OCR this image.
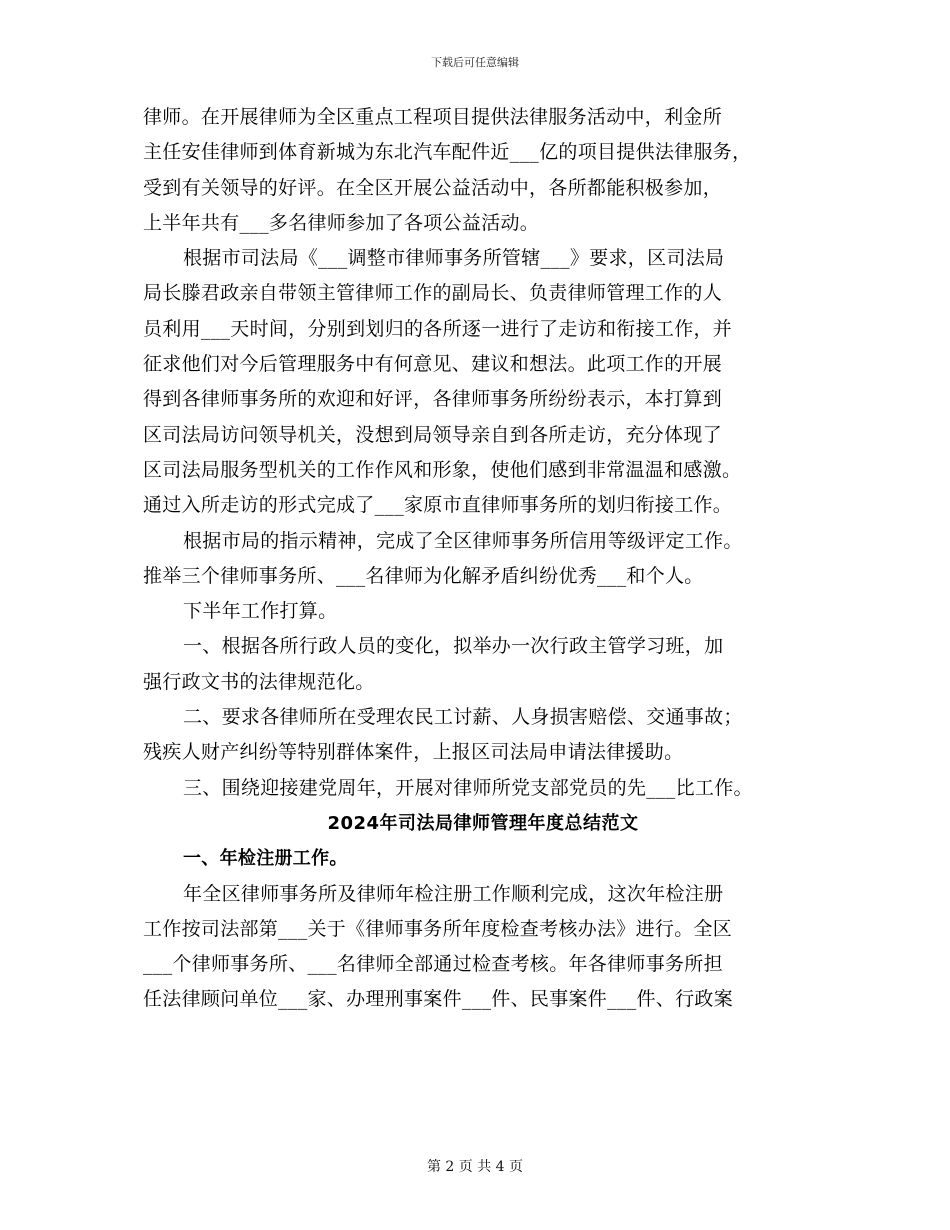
下载后可任意编辑
律师。在开展律师为全区重点工程项目提供法律服务活动中，利金所
主任安佳律师到体育新城为东北汽车配件近___亿的项目提供法律服务，
受到有关领导的好评。在全区开展公益活动中，各所都能积极参加，
上半年共有___多名律师参加了各项公益活动。
根据市司法局《___调整市律师事务所管辖___》要求，区司法局
局长滕君政亲自带领主管律师工作的副局长、负责律师管理工作的人
员利用___天时间，分别到划归的各所逐一进行了走访和衔接工作，并
征求他们对今后管理服务中有何意见、建议和想法。此项工作的开展
得到各律师事务所的欢迎和好评，各律师事务所纷纷表示，本打算到
区司法局访问领导机关，没想到局领导亲自到各所走访，充分体现了
区司法局服务型机关的工作作风和形象，使他们感到非常温温和感激。
通过入所走访的形式完成了___家原市直律师事务所的划归衔接工作。
根据市局的指示精神，完成了全区律师事务所信用等级评定工作。
推举三个律师事务所、___名律师为化解矛盾纠纷优秀___和个人。
下半年工作打算。
一、根据各所行政人员的变化，拟举办一次行政主管学习班，加
强行政文书的法律规范化。
二、要求各律师所在受理农民工讨薪、人身损害赔偿、交通事故；
残疾人财产纠纷等特别群体案件，上报区司法局申请法律援助。
三、围绕迎接建党周年，开展对律师所党支部党员的先___比工作。
2024年司法局律师管理年度总结范文
一、年检注册工作。
年全区律师事务所及律师年检注册工作顺利完成，这次年检注册
工作按司法部第___关于《律师事务所年度检查考核办法》进行。全区
___个律师事务所、___名律师全部通过检查考核。年各律师事务所担
任法律顾问单位___家、办理刑事案件___件、民事案件___件、行政案
第 2 页 共 4 页
